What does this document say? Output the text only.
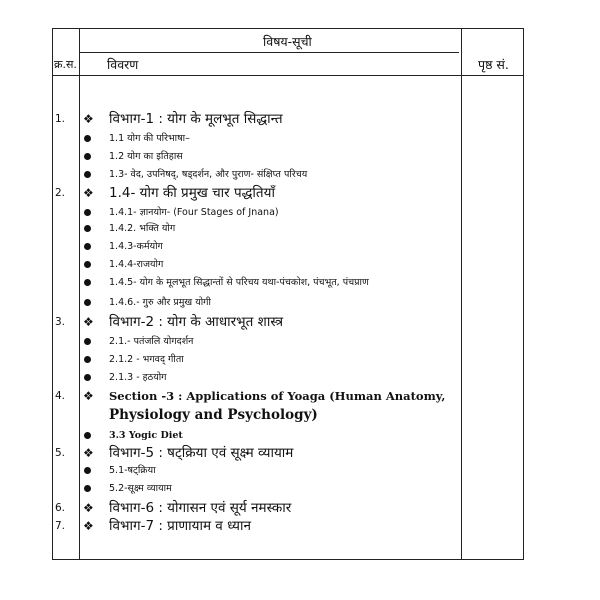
विषय-सूची
क्र.स. विवरण	पृष्ठ सं.
1. ❖ विभाग-1 : योग के मूलभूत सिद्धान्त
1.1 योग की परिभाषा–
1.2 योग का इतिहास
1.3- वेद, उपनिषद्, षड्दर्शन, और पुराण- संक्षिप्त परिचय
2. ❖ 1.4- योग की प्रमुख चार पद्धतियाँ
1.4.1- ज्ञानयोग- (Four Stages of Jnana)
1.4.2. भक्ति योग
1.4.3-कर्मयोग
1.4.4-राजयोग
1.4.5- योग के मूलभूत सिद्धान्तों से परिचय यथा-पंचकोश, पंचभूत, पंचप्राण
1.4.6.- गुरु और प्रमुख योगी
3. ❖ विभाग-2 : योग के आधारभूत शास्त्र
2.1.- पतंजलि योगदर्शन
2.1.2 - भगवद् गीता
2.1.3 - हठयोग
4. ❖ Section -3 : Applications of Yoaga (Human Anatomy,
Physiology and Psychology)
3.3 Yogic Diet
5. ❖ विभाग-5 : षट्क्रिया एवं सूक्ष्म व्यायाम
5.1-षट्क्रिया
5.2-सूक्ष्म व्यायाम
6. ❖ विभाग-6 : योगासन एवं सूर्य नमस्कार
7. ❖ विभाग-7 : प्राणायाम व ध्यान
